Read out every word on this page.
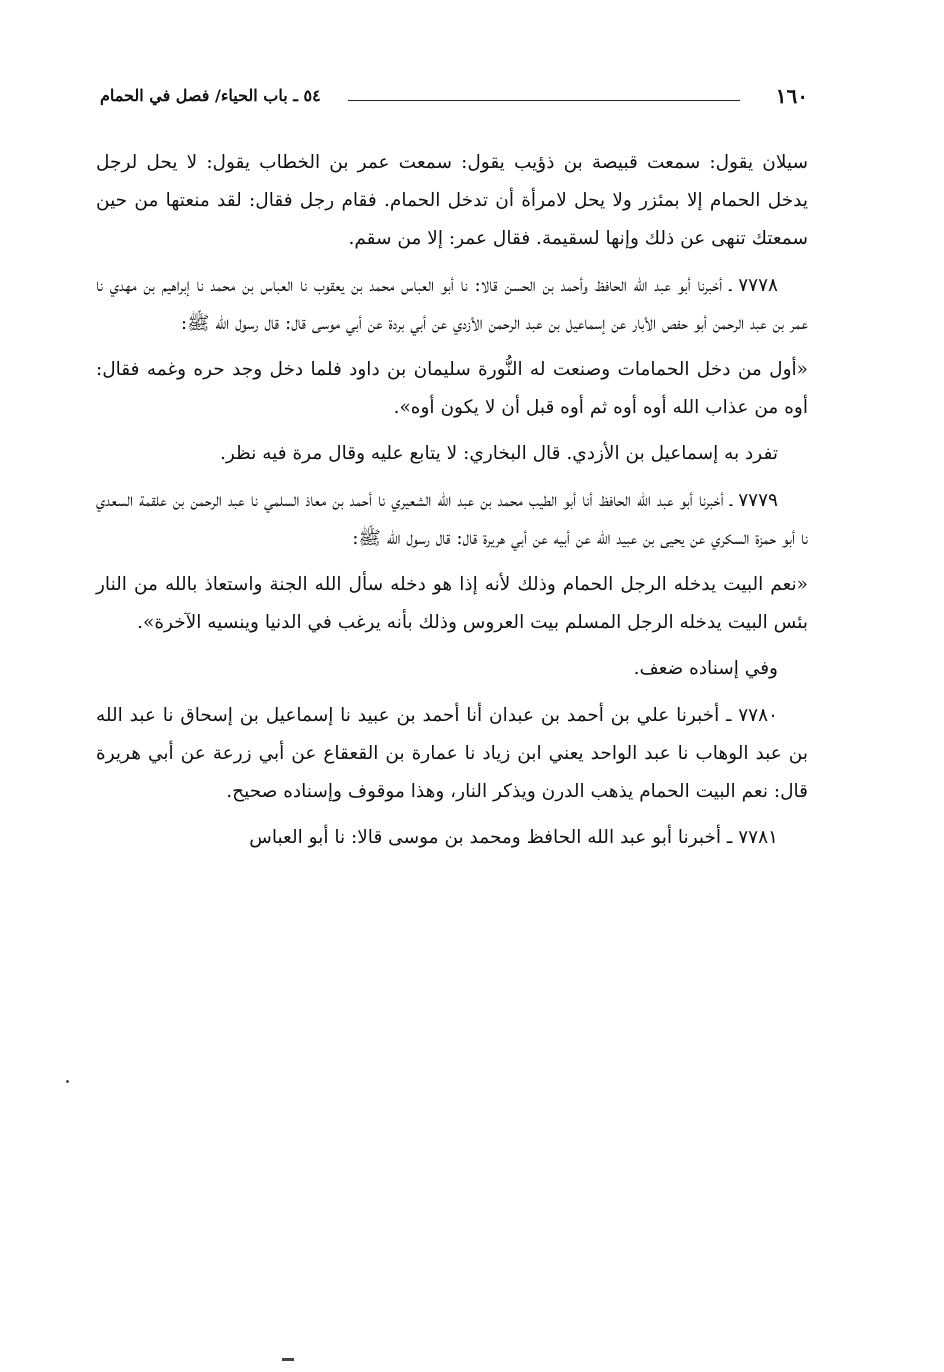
١٦٠
٥٤ ـ باب الحياء/ فصل في الحمام

سيلان يقول: سمعت قبيصة بن ذؤيب يقول: سمعت عمر بن الخطاب يقول: لا يحل لرجل يدخل الحمام إلا بمئزر ولا يحل لامرأة أن تدخل الحمام. فقام رجل فقال: لقد منعتها من حين سمعتك تنهى عن ذلك وإنها لسقيمة. فقال عمر: إلا من سقم.

٧٧٧٨ ـ أخبرنا أبو عبد الله الحافظ وأحمد بن الحسن قالا: نا أبو العباس محمد بن يعقوب نا العباس بن محمد نا إبراهيم بن مهدي نا عمر بن عبد الرحمن أبو حفص الأبار عن إسماعيل بن عبد الرحمن الأزدي عن أبي بردة عن أبي موسى قال: قال رسول الله ﷺ:

«أول من دخل الحمامات وصنعت له النُّورة سليمان بن داود فلما دخل وجد حره وغمه فقال: أوه من عذاب الله أوه أوه ثم أوه قبل أن لا يكون أوه».

تفرد به إسماعيل بن الأزدي. قال البخاري: لا يتابع عليه وقال مرة فيه نظر.

٧٧٧٩ ـ أخبرنا أبو عبد الله الحافظ أنا أبو الطيب محمد بن عبد الله الشعيري نا أحمد بن معاذ السلمي نا عبد الرحمن بن علقمة السعدي نا أبو حمزة السكري عن يحيى بن عبيد الله عن أبيه عن أبي هريرة قال: قال رسول الله ﷺ:

«نعم البيت يدخله الرجل الحمام وذلك لأنه إذا هو دخله سأل الله الجنة واستعاذ بالله من النار بئس البيت يدخله الرجل المسلم بيت العروس وذلك بأنه يرغب في الدنيا وينسيه الآخرة».

وفي إسناده ضعف.

٧٧٨٠ ـ أخبرنا علي بن أحمد بن عبدان أنا أحمد بن عبيد نا إسماعيل بن إسحاق نا عبد الله بن عبد الوهاب نا عبد الواحد يعني ابن زياد نا عمارة بن القعقاع عن أبي زرعة عن أبي هريرة قال: نعم البيت الحمام يذهب الدرن ويذكر النار، وهذا موقوف وإسناده صحيح.

٧٧٨١ ـ أخبرنا أبو عبد الله الحافظ ومحمد بن موسى قالا: نا أبو العباس
